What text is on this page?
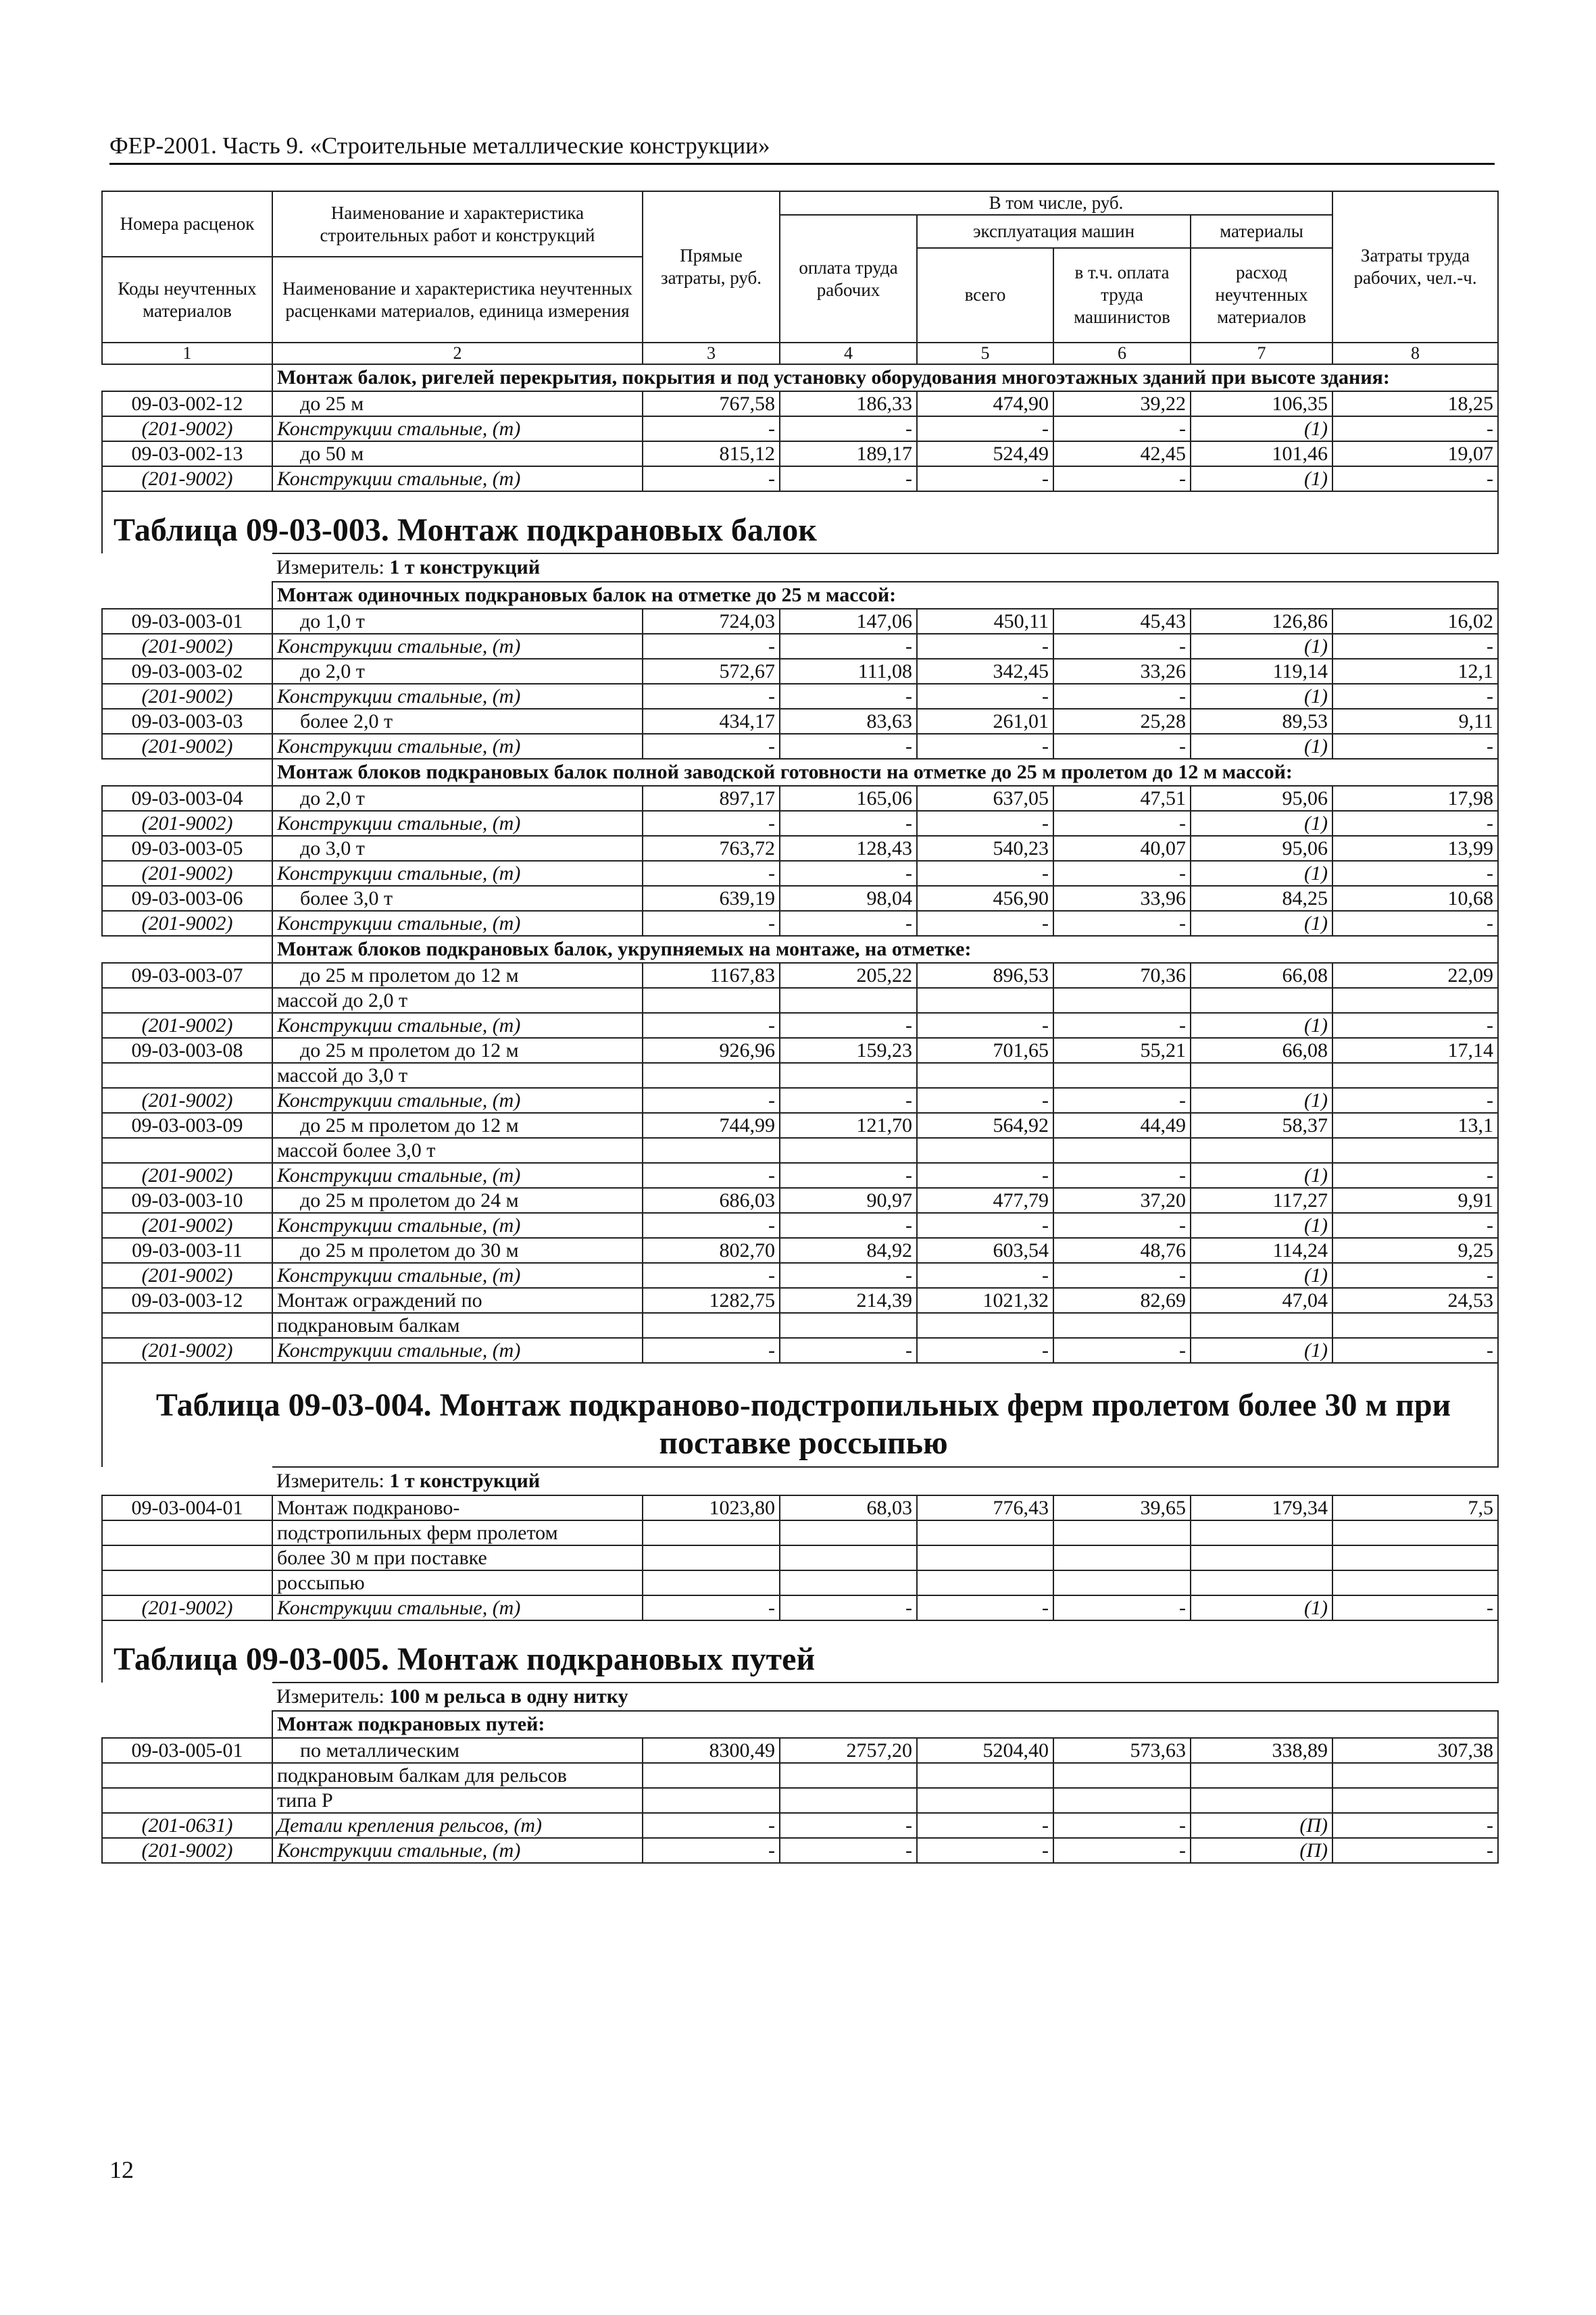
ФЕР-2001. Часть 9. «Строительные металлические конструкции»
Номера расценок	Наименование и характеристика строительных работ и конструкций	Прямые затраты, руб.	В том числе, руб.				Затраты труда рабочих, чел.-ч.
			оплата труда рабочих	эксплуатация машин		материалы	
				всего	в т.ч. оплата труда машинистов	расход неучтенных материалов	
Коды неучтенных материалов	Наименование и характеристика неучтенных расценками материалов, единица измерения						

1	2	3	4	5	6	7	8
	Монтаж балок, ригелей перекрытия, покрытия и под установку оборудования многоэтажных зданий при высоте здания:						
09-03-002-12	до 25 м	767,58	186,33	474,90	39,22	106,35	18,25
(201-9002)	Конструкции стальные, (т)	-	-	-	-	(1)	-
09-03-002-13	до 50 м	815,12	189,17	524,49	42,45	101,46	19,07
(201-9002)	Конструкции стальные, (т)	-	-	-	-	(1)	-
Таблица 09-03-003. Монтаж подкрановых балок							
	Измеритель: 1 т конструкций						
	Монтаж одиночных подкрановых балок на отметке до 25 м массой:						
09-03-003-01	до 1,0 т	724,03	147,06	450,11	45,43	126,86	16,02
(201-9002)	Конструкции стальные, (т)	-	-	-	-	(1)	-
09-03-003-02	до 2,0 т	572,67	111,08	342,45	33,26	119,14	12,1
(201-9002)	Конструкции стальные, (т)	-	-	-	-	(1)	-
09-03-003-03	более 2,0 т	434,17	83,63	261,01	25,28	89,53	9,11
(201-9002)	Конструкции стальные, (т)	-	-	-	-	(1)	-
	Монтаж блоков подкрановых балок полной заводской готовности на отметке до 25 м пролетом до 12 м массой:						
09-03-003-04	до 2,0 т	897,17	165,06	637,05	47,51	95,06	17,98
(201-9002)	Конструкции стальные, (т)	-	-	-	-	(1)	-
09-03-003-05	до 3,0 т	763,72	128,43	540,23	40,07	95,06	13,99
(201-9002)	Конструкции стальные, (т)	-	-	-	-	(1)	-
09-03-003-06	более 3,0 т	639,19	98,04	456,90	33,96	84,25	10,68
(201-9002)	Конструкции стальные, (т)	-	-	-	-	(1)	-
	Монтаж блоков подкрановых балок, укрупняемых на монтаже, на отметке:						
09-03-003-07	до 25 м пролетом до 12 м	1167,83	205,22	896,53	70,36	66,08	22,09
	массой до 2,0 т						
(201-9002)	Конструкции стальные, (т)	-	-	-	-	(1)	-
09-03-003-08	до 25 м пролетом до 12 м	926,96	159,23	701,65	55,21	66,08	17,14
	массой до 3,0 т						
(201-9002)	Конструкции стальные, (т)	-	-	-	-	(1)	-
09-03-003-09	до 25 м пролетом до 12 м	744,99	121,70	564,92	44,49	58,37	13,1
	массой более 3,0 т						
(201-9002)	Конструкции стальные, (т)	-	-	-	-	(1)	-
09-03-003-10	до 25 м пролетом до 24 м	686,03	90,97	477,79	37,20	117,27	9,91
(201-9002)	Конструкции стальные, (т)	-	-	-	-	(1)	-
09-03-003-11	до 25 м пролетом до 30 м	802,70	84,92	603,54	48,76	114,24	9,25
(201-9002)	Конструкции стальные, (т)	-	-	-	-	(1)	-
09-03-003-12	Монтаж ограждений по	1282,75	214,39	1021,32	82,69	47,04	24,53
	подкрановым балкам						
(201-9002)	Конструкции стальные, (т)	-	-	-	-	(1)	-
Таблица 09-03-004. Монтаж подкраново-подстропильных ферм пролетом более 30 м при
поставке россыпью							
	Измеритель: 1 т конструкций						
09-03-004-01	Монтаж подкраново-	1023,80	68,03	776,43	39,65	179,34	7,5
	подстропильных ферм пролетом						
	более 30 м при поставке						
	россыпью						
(201-9002)	Конструкции стальные, (т)	-	-	-	-	(1)	-
Таблица 09-03-005. Монтаж подкрановых путей							
	Измеритель: 100 м рельса в одну нитку						
	Монтаж подкрановых путей:						
09-03-005-01	по металлическим	8300,49	2757,20	5204,40	573,63	338,89	307,38
	подкрановым балкам для рельсов						
	типа Р						
(201-0631)	Детали крепления рельсов, (т)	-	-	-	-	(П)	-
(201-9002)	Конструкции стальные, (т)	-	-	-	-	(П)	-
12
